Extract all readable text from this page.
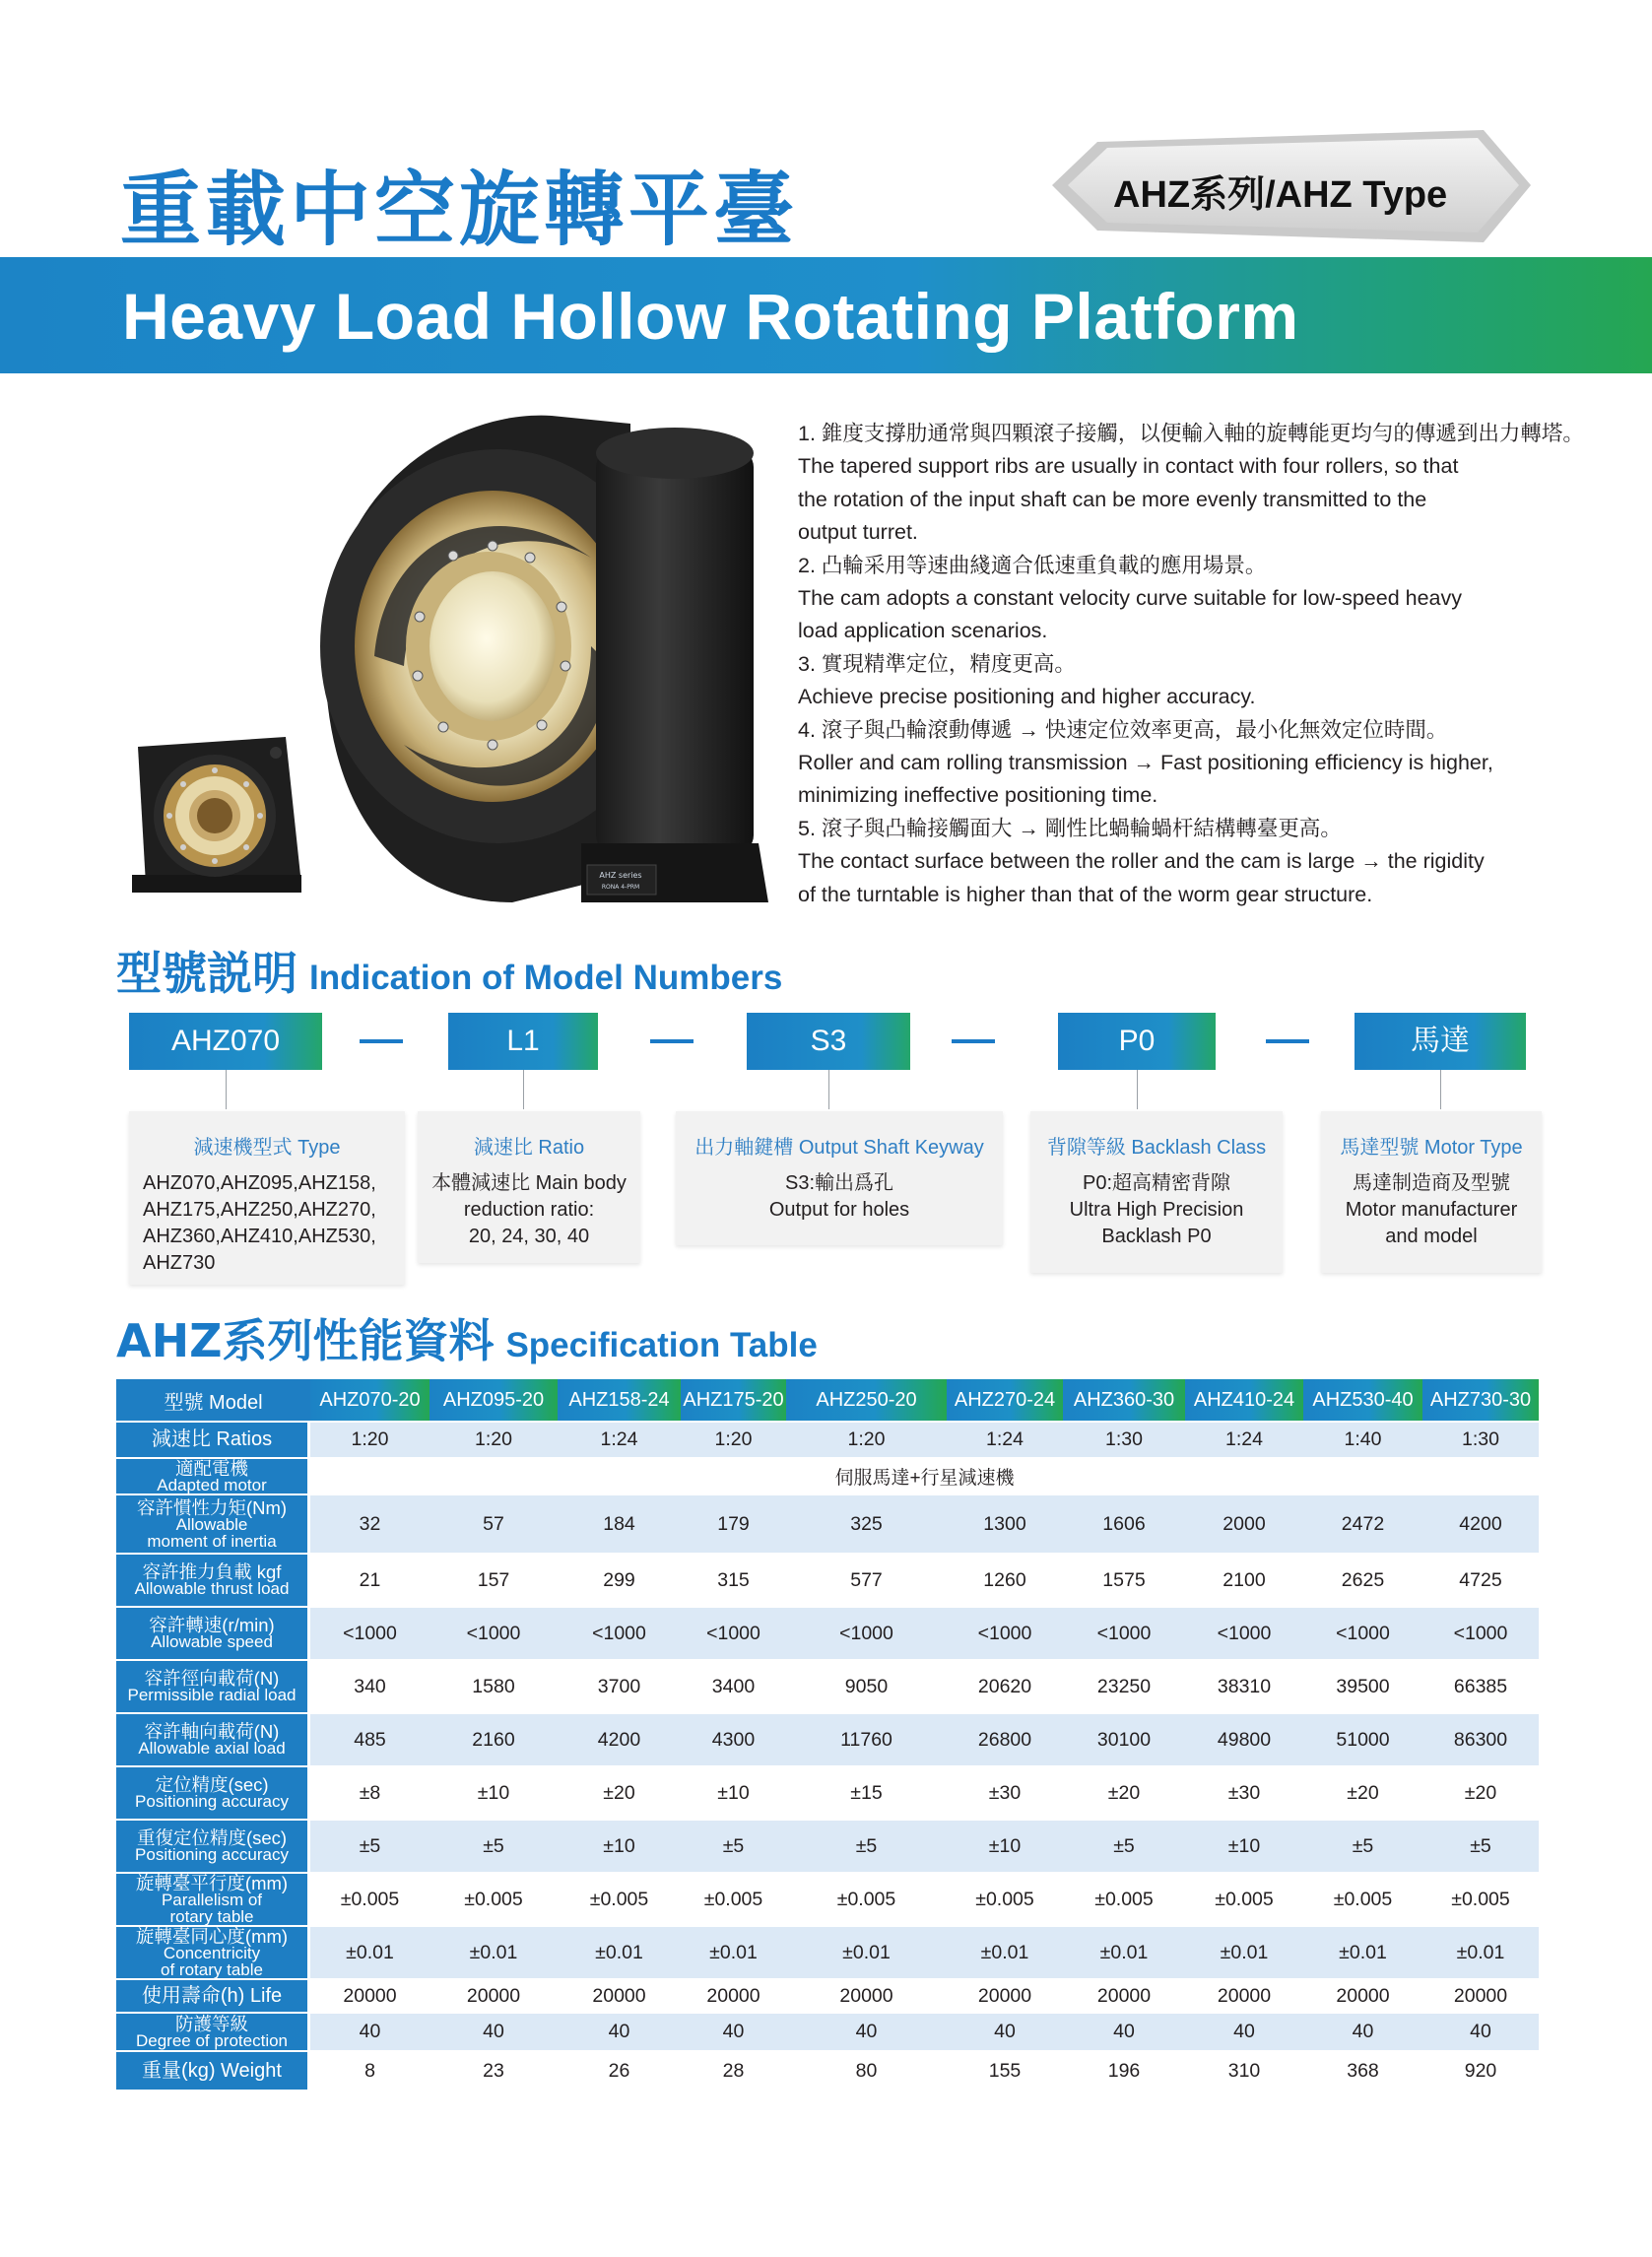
重載中空旋轉平臺	AHZ系列/AHZ Type
Heavy Load Hollow Rotating Platform
AHZ series
RONA 4-PRM

1. 錐度支撐肋通常與四顆滾子接觸，以便輸入軸的旋轉能更均勻的傳遞到出力轉塔。

The tapered support ribs are usually in contact with four rollers, so that

the rotation of the input shaft can be more evenly transmitted to the

output turret.

2. 凸輪采用等速曲綫適合低速重負載的應用場景。

The cam adopts a constant velocity curve suitable for low-speed heavy

load application scenarios.

3. 實現精準定位，精度更高。

Achieve precise positioning and higher accuracy.

4. 滾子與凸輪滾動傳遞 → 快速定位效率更高，最小化無效定位時間。

Roller and cam rolling transmission → Fast positioning efficiency is higher,

minimizing ineffective positioning time.

5. 滾子與凸輪接觸面大 → 剛性比蝸輪蝸杆結構轉臺更高。

The contact surface between the roller and the cam is large → the rigidity

of the turntable is higher than that of the worm gear structure.

型號説明 Indication of Model Numbers
AHZ070	L1	S3	P0	馬達
減速機型式 Type
AHZ070,AHZ095,AHZ158,
AHZ175,AHZ250,AHZ270,
AHZ360,AHZ410,AHZ530,
AHZ730
減速比 Ratio
本體減速比 Main body
reduction ratio:
20, 24, 30, 40
出力軸鍵槽 Output Shaft Keyway
S3:輸出爲孔
Output for holes
背隙等級 Backlash Class
P0:超高精密背隙
Ultra High Precision
Backlash P0
馬達型號 Motor Type
馬達制造商及型號
Motor manufacturer
and model
AHZ系列性能資料 Specification Table
型號 Model	AHZ070-20	AHZ095-20	AHZ158-24	AHZ175-20	AHZ250-20	AHZ270-24	AHZ360-30	AHZ410-24	AHZ530-40	AHZ730-30

減速比 Ratios	1:20	1:20	1:24	1:20	1:20	1:24	1:30	1:24	1:40	1:30

適配電機
Adapted motor	伺服馬達+行星減速機									

容許慣性力矩(Nm)
Allowable
moment of inertia	32	57	184	179	325	1300	1606	2000	2472	4200

容許推力負載 kgf
Allowable thrust load	21	157	299	315	577	1260	1575	2100	2625	4725

容許轉速(r/min)
Allowable speed	<1000	<1000	<1000	<1000	<1000	<1000	<1000	<1000	<1000	<1000

容許徑向載荷(N)
Permissible radial load	340	1580	3700	3400	9050	20620	23250	38310	39500	66385

容許軸向載荷(N)
Allowable axial load	485	2160	4200	4300	11760	26800	30100	49800	51000	86300

定位精度(sec)
Positioning accuracy	±8	±10	±20	±10	±15	±30	±20	±30	±20	±20

重復定位精度(sec)
Positioning accuracy	±5	±5	±10	±5	±5	±10	±5	±10	±5	±5

旋轉臺平行度(mm)
Parallelism of
rotary table	±0.005	±0.005	±0.005	±0.005	±0.005	±0.005	±0.005	±0.005	±0.005	±0.005

旋轉臺同心度(mm)
Concentricity
of rotary table	±0.01	±0.01	±0.01	±0.01	±0.01	±0.01	±0.01	±0.01	±0.01	±0.01

使用壽命(h) Life	20000	20000	20000	20000	20000	20000	20000	20000	20000	20000

防護等級
Degree of protection	40	40	40	40	40	40	40	40	40	40

重量(kg) Weight	8	23	26	28	80	155	196	310	368	920
